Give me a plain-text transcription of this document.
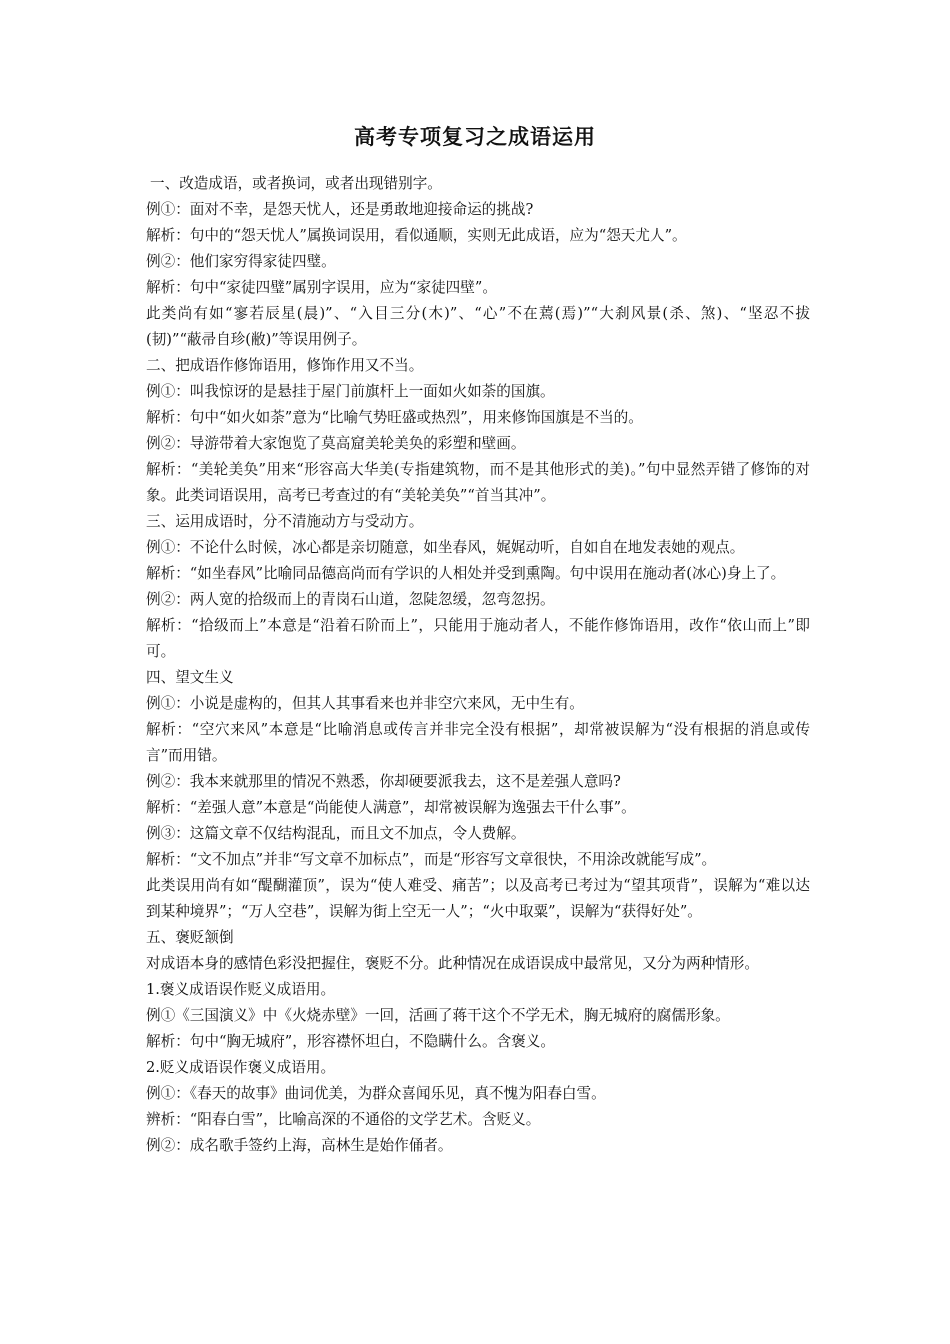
高考专项复习之成语运用

一、改造成语，或者换词，或者出现错别字。

例①：面对不幸，是怨天忧人，还是勇敢地迎接命运的挑战?

解析：句中的“怨天忧人”属换词误用，看似通顺，实则无此成语，应为“怨天尤人”。

例②：他们家穷得家徒四璧。

解析：句中“家徒四璧”属别字误用，应为“家徒四壁”。

此类尚有如“寥若辰星(晨)”、“入目三分(木)”、“心”不在蔫(焉)”“大刹风景(杀、煞)、“坚忍不拔(韧)”“蔽帚自珍(敝)”等误用例子。

二、把成语作修饰语用，修饰作用又不当。

例①：叫我惊讶的是悬挂于屋门前旗杆上一面如火如荼的国旗。

解析：句中“如火如荼”意为“比喻气势旺盛或热烈”，用来修饰国旗是不当的。

例②：导游带着大家饱览了莫高窟美轮美奂的彩塑和壁画。

解析：“美轮美奂”用来“形容高大华美(专指建筑物，而不是其他形式的美)。”句中显然弄错了修饰的对象。此类词语误用，高考已考查过的有“美轮美奂”“首当其冲”。

三、运用成语时，分不清施动方与受动方。

例①：不论什么时候，冰心都是亲切随意，如坐春风，娓娓动听，自如自在地发表她的观点。

解析：“如坐春风”比喻同品德高尚而有学识的人相处并受到熏陶。句中误用在施动者(冰心)身上了。

例②：两人宽的拾级而上的青岗石山道，忽陡忽缓，忽弯忽拐。

解析：“拾级而上”本意是“沿着石阶而上”，只能用于施动者人，不能作修饰语用，改作“依山而上”即可。

四、望文生义

例①：小说是虚构的，但其人其事看来也并非空穴来风，无中生有。

解析：“空穴来风”本意是“比喻消息或传言并非完全没有根据”，却常被误解为“没有根据的消息或传言”而用错。

例②：我本来就那里的情况不熟悉，你却硬要派我去，这不是差强人意吗?

解析：“差强人意”本意是“尚能使人满意”，却常被误解为逸强去干什么事”。

例③：这篇文章不仅结构混乱，而且文不加点，令人费解。

解析：“文不加点”并非“写文章不加标点”，而是“形容写文章很快，不用涂改就能写成”。

此类误用尚有如“醍醐灌顶”，误为“使人难受、痛苦”；以及高考已考过为“望其项背”，误解为“难以达到某种境界”；“万人空巷”，误解为街上空无一人”；“火中取粟”，误解为“获得好处”。

五、褒贬颔倒

对成语本身的感情色彩没把握住，褒贬不分。此种情况在成语误成中最常见，又分为两种情形。

1.褒义成语误作贬义成语用。

例①《三国演义》中《火烧赤壁》一回，活画了蒋干这个不学无术，胸无城府的腐儒形象。

解析：句中“胸无城府”，形容襟怀坦白，不隐瞒什么。含褒义。

2.贬义成语误作褒义成语用。

例①：《春天的故事》曲词优美，为群众喜闻乐见，真不愧为阳春白雪。

辨析：“阳春白雪”，比喻高深的不通俗的文学艺术。含贬义。

例②：成名歌手签约上海，高林生是始作俑者。
